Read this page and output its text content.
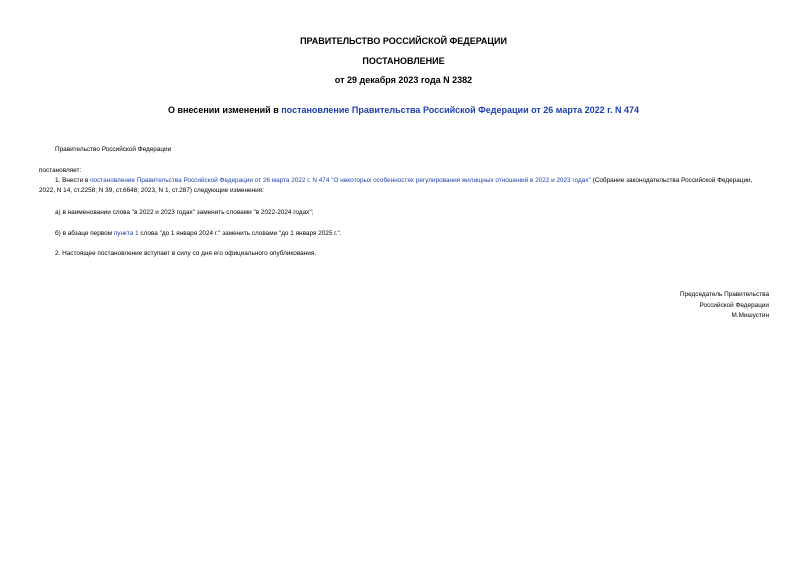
ПРАВИТЕЛЬСТВО РОССИЙСКОЙ ФЕДЕРАЦИИ
ПОСТАНОВЛЕНИЕ
от 29 декабря 2023 года N 2382
О внесении изменений в постановление Правительства Российской Федерации от 26 марта 2022 г. N 474
Правительство Российской Федерации
постановляет:
1. Внести в постановление Правительства Российской Федерации от 26 марта 2022 г. N 474 "О некоторых особенностях регулирования жилищных отношений в 2022 и 2023 годах" (Собрание законодательства Российской Федерации, 2022, N 14, ст.2258; N 39, ст.6648; 2023, N 1, ст.287) следующие изменения:
а) в наименовании слова "в 2022 и 2023 годах" заменить словами "в 2022-2024 годах";
б) в абзаце первом пункта 1 слова "до 1 января 2024 г." заменить словами "до 1 января 2025 г.".
2. Настоящее постановление вступает в силу со дня его официального опубликования.
Председатель Правительства
Российской Федерации
М.Мишустин
